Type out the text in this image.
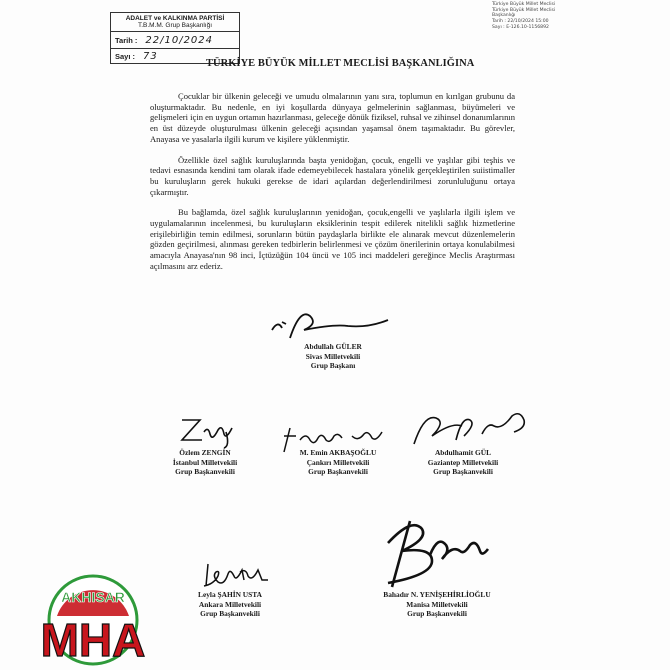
ADALET ve KALKINMA PARTİSİ
T.B.M.M. Grup Başkanlığı
Tarih : 22/10/2024
Sayı : 73
Türkiye Büyük Millet Meclisi
Türkiye Büyük Millet Meclisi
Başkanlığı
Tarih : 22/10/2024 15:00
Sayı : E-126.10-1156892
TÜRKİYE BÜYÜK MİLLET MECLİSİ BAŞKANLIĞINA

Çocuklar bir ülkenin geleceği ve umudu olmalarının yanı sıra, toplumun en kırılgan grubunu da oluşturmaktadır. Bu nedenle, en iyi koşullarda dünyaya gelmelerinin sağlanması, büyümeleri ve gelişmeleri için en uygun ortamın hazırlanması, geleceğe dönük fiziksel, ruhsal ve zihinsel donanımlarının en üst düzeyde oluşturulması ülkenin geleceği açısından yaşamsal önem taşımaktadır. Bu görevler, Anayasa ve yasalarla ilgili kurum ve kişilere yüklenmiştir.

Özellikle özel sağlık kuruluşlarında başta yenidoğan, çocuk, engelli ve yaşlılar gibi teşhis ve tedavi esnasında kendini tam olarak ifade edemeyebilecek hastalara yönelik gerçekleştirilen suiistimaller bu kuruluşların gerek hukuki gerekse de idari açılardan değerlendirilmesi zorunluluğunu ortaya çıkarmıştır.

Bu bağlamda, özel sağlık kuruluşlarının yenidoğan, çocuk,engelli ve yaşlılarla ilgili işlem ve uygulamalarının incelenmesi, bu kuruluşların eksiklerinin tespit edilerek nitelikli sağlık hizmetlerine erişilebirliğin temin edilmesi, sorunların bütün paydaşlarla birlikte ele alınarak mevcut düzenlemelerin gözden geçirilmesi, alınması gereken tedbirlerin belirlenmesi ve çözüm önerilerinin ortaya konulabilmesi amacıyla Anayasa'nın 98 inci, İçtüzüğün 104 üncü ve 105 inci maddeleri gereğince Meclis Araştırması açılmasını arz ederiz.

Abdullah GÜLER
Sivas Milletvekili
Grup Başkanı
Özlem ZENGİN
İstanbul Milletvekili
Grup Başkanvekili
M. Emin AKBAŞOĞLU
Çankırı Milletvekili
Grup Başkanvekili
Abdulhamit GÜL
Gaziantep Milletvekili
Grup Başkanvekili
Leyla ŞAHİN USTA
Ankara Milletvekili
Grup Başkanvekili
Bahadır N. YENİŞEHİRLİOĞLU
Manisa Milletvekili
Grup Başkanvekili
AKHISAR
MHA
